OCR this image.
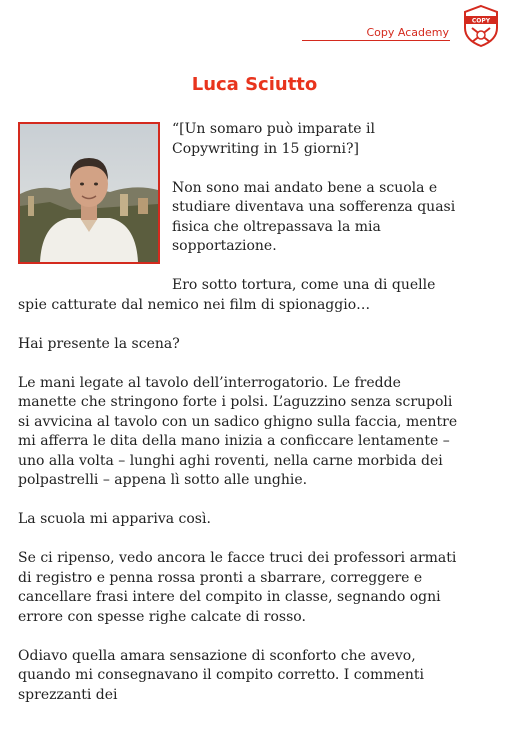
Copy Academy
COPY
Luca Sciutto

“[Un somaro può imparate il Copywriting in 15 giorni?]

Non sono mai andato bene a scuola e studiare diventava una sofferenza quasi fisica che oltrepassava la mia sopportazione.

Ero sotto tortura, come una di quelle spie catturate dal nemico nei film di spionaggio…

Hai presente la scena?

Le mani legate al tavolo dell’interrogatorio. Le fredde manette che stringono forte i polsi. L’aguzzino senza scrupoli si avvicina al tavolo con un sadico ghigno sulla faccia, mentre mi afferra le dita della mano inizia a conficcare lentamente – uno alla volta – lunghi aghi roventi, nella carne morbida dei polpastrelli – appena lì sotto alle unghie.

La scuola mi appariva così.

Se ci ripenso, vedo ancora le facce truci dei professori armati di registro e penna rossa pronti a sbarrare, correggere e cancellare frasi intere del compito in classe, segnando ogni errore con spesse righe calcate di rosso.

Odiavo quella amara sensazione di sconforto che avevo, quando mi consegnavano il compito corretto. I commenti sprezzanti dei
